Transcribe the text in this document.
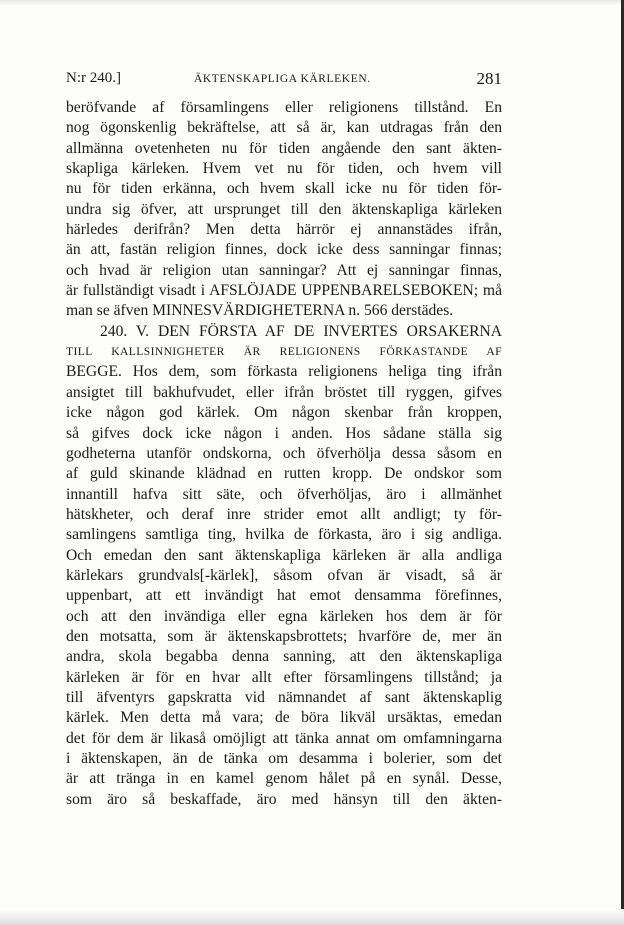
N:r 240.]	ÄKTENSKAPLIGA KÄRLEKEN.	281
beröfvande af församlingens eller religionens tillstånd. En
nog ögonskenlig bekräftelse, att så är, kan utdragas från den
allmänna ovetenheten nu för tiden angående den sant äkten-
skapliga kärleken. Hvem vet nu för tiden, och hvem vill
nu för tiden erkänna, och hvem skall icke nu för tiden för-
undra sig öfver, att ursprunget till den äktenskapliga kärleken
härledes derifrån? Men detta härrör ej annanstädes ifrån,
än att, fastän religion finnes, dock icke dess sanningar finnas;
och hvad är religion utan sanningar? Att ej sanningar finnas,
är fullständigt visadt i AFSLÖJADE UPPENBARELSEBOKEN; må
man se äfven MINNESVÄRDIGHETERNA n. 566 derstädes.
240. V. DEN FÖRSTA AF DE INVERTES ORSAKERNA
TILL KALLSINNIGHETER ÄR RELIGIONENS FÖRKASTANDE AF
BEGGE. Hos dem, som förkasta religionens heliga ting ifrån
ansigtet till bakhufvudet, eller ifrån bröstet till ryggen, gifves
icke någon god kärlek. Om någon skenbar från kroppen,
så gifves dock icke någon i anden. Hos sådane ställa sig
godheterna utanför ondskorna, och öfverhölja dessa såsom en
af guld skinande klädnad en rutten kropp. De ondskor som
innantill hafva sitt säte, och öfverhöljas, äro i allmänhet
hätskheter, och deraf inre strider emot allt andligt; ty för-
samlingens samtliga ting, hvilka de förkasta, äro i sig andliga.
Och emedan den sant äktenskapliga kärleken är alla andliga
kärlekars grundvals[-kärlek], såsom ofvan är visadt, så är
uppenbart, att ett invändigt hat emot densamma förefinnes,
och att den invändiga eller egna kärleken hos dem är för
den motsatta, som är äktenskapsbrottets; hvarföre de, mer än
andra, skola begabba denna sanning, att den äktenskapliga
kärleken är för en hvar allt efter församlingens tillstånd; ja
till äfventyrs gapskratta vid nämnandet af sant äktenskaplig
kärlek. Men detta må vara; de böra likväl ursäktas, emedan
det för dem är likaså omöjligt att tänka annat om omfamningarna
i äktenskapen, än de tänka om desamma i bolerier, som det
är att tränga in en kamel genom hålet på en synål. Desse,
som äro så beskaffade, äro med hänsyn till den äkten-
